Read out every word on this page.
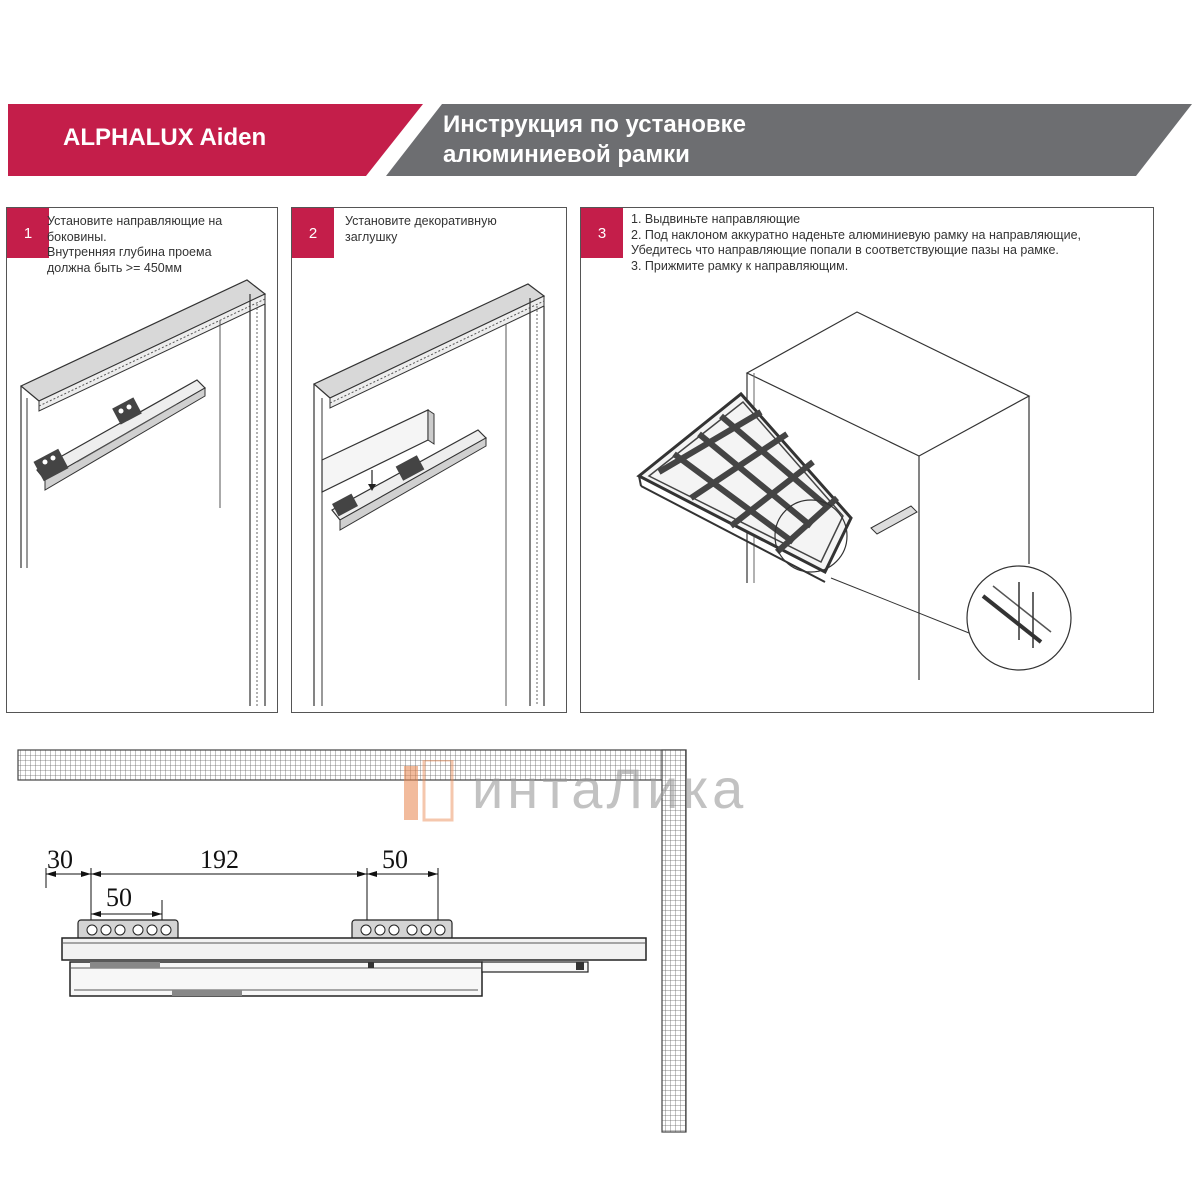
ALPHALUX Aiden	Инструкция по установке
алюминиевой рамки
1
Установите направляющие на
боковины.
Внутренняя глубина проема
должна быть >= 450мм
2
Установите декоративную
заглушку	3
1. Выдвиньте направляющие
2. Под наклоном аккуратно наденьте алюминиевую рамку на направляющие,
Убедитесь что направляющие попали в соответствующие пазы на рамке.
3. Прижмите рамку к направляющим.
30	192	50
50
интаЛика
